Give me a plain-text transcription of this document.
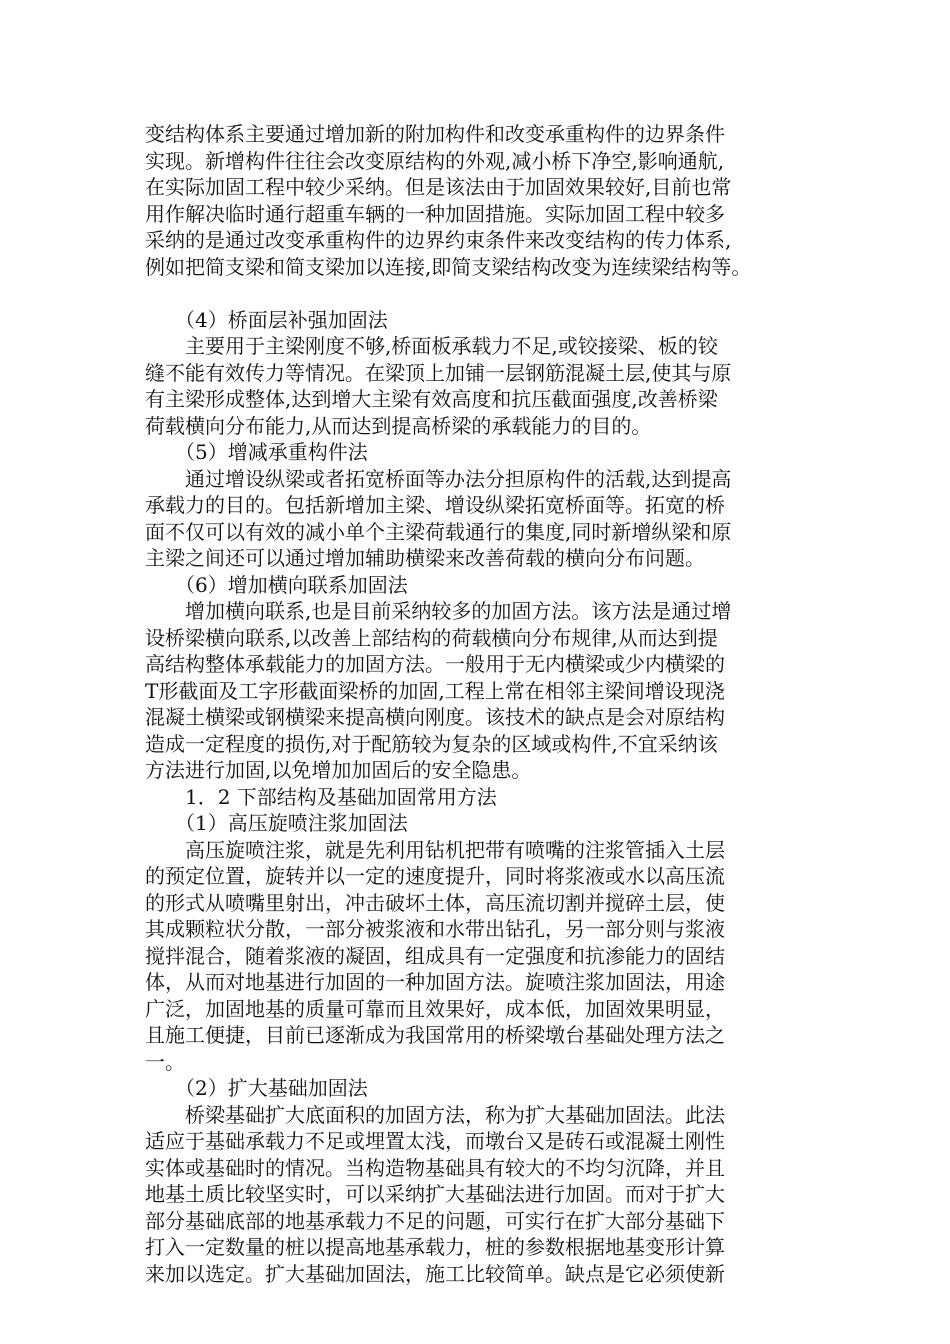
变结构体系主要通过增加新的附加构件和改变承重构件的边界条件

实现。新增构件往往会改变原结构的外观,减小桥下净空,影响通航,

在实际加固工程中较少采纳。但是该法由于加固效果较好,目前也常

用作解决临时通行超重车辆的一种加固措施。实际加固工程中较多

采纳的是通过改变承重构件的边界约束条件来改变结构的传力体系,

例如把简支梁和简支梁加以连接,即简支梁结构改变为连续梁结构等。

　　（4）桥面层补强加固法

　　主要用于主梁刚度不够,桥面板承载力不足,或铰接梁、板的铰

缝不能有效传力等情况。在梁顶上加铺一层钢筋混凝土层,使其与原

有主梁形成整体,达到增大主梁有效高度和抗压截面强度,改善桥梁

荷载横向分布能力,从而达到提高桥梁的承载能力的目的。

　　（5）增减承重构件法

　　通过增设纵梁或者拓宽桥面等办法分担原构件的活载,达到提高

承载力的目的。包括新增加主梁、增设纵梁拓宽桥面等。拓宽的桥

面不仅可以有效的减小单个主梁荷载通行的集度,同时新增纵梁和原

主梁之间还可以通过增加辅助横梁来改善荷载的横向分布问题。

　　（6）增加横向联系加固法

　　增加横向联系,也是目前采纳较多的加固方法。该方法是通过增

设桥梁横向联系,以改善上部结构的荷载横向分布规律,从而达到提

高结构整体承载能力的加固方法。一般用于无内横梁或少内横梁的

T形截面及工字形截面梁桥的加固,工程上常在相邻主梁间增设现浇

混凝土横梁或钢横梁来提高横向刚度。该技术的缺点是会对原结构

造成一定程度的损伤,对于配筋较为复杂的区域或构件,不宜采纳该

方法进行加固,以免增加加固后的安全隐患。

　　1．2 下部结构及基础加固常用方法

　　（1）高压旋喷注浆加固法

　　高压旋喷注浆，就是先利用钻机把带有喷嘴的注浆管插入土层

的预定位置，旋转并以一定的速度提升，同时将浆液或水以高压流

的形式从喷嘴里射出，冲击破坏土体，高压流切割并搅碎土层，使

其成颗粒状分散，一部分被浆液和水带出钻孔，另一部分则与浆液

搅拌混合，随着浆液的凝固，组成具有一定强度和抗渗能力的固结

体，从而对地基进行加固的一种加固方法。旋喷注浆加固法，用途

广泛，加固地基的质量可靠而且效果好，成本低，加固效果明显，

且施工便捷，目前已逐渐成为我国常用的桥梁墩台基础处理方法之

一。

　　（2）扩大基础加固法

　　桥梁基础扩大底面积的加固方法，称为扩大基础加固法。此法

适应于基础承载力不足或埋置太浅，而墩台又是砖石或混凝土刚性

实体或基础时的情况。当构造物基础具有较大的不均匀沉降，并且

地基土质比较坚实时，可以采纳扩大基础法进行加固。而对于扩大

部分基础底部的地基承载力不足的问题，可实行在扩大部分基础下

打入一定数量的桩以提高地基承载力，桩的参数根据地基变形计算

来加以选定。扩大基础加固法，施工比较简单。缺点是它必须使新
